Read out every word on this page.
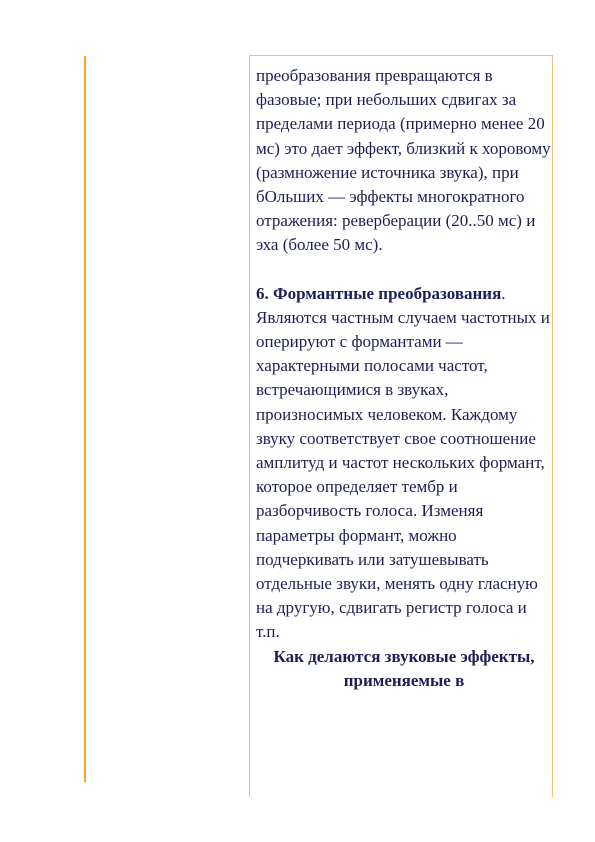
преобразования превращаются в фазовые; при небольших сдвигах за пределами периода (примерно менее 20 мс) это дает эффект, близкий к хоровому (размножение источника звука), при бОльших — эффекты многократного отражения: реверберации (20..50 мс) и эха (более 50 мс).

6. Формантные преобразования. Являются частным случаем частотных и оперируют с формантами — характерными полосами частот, встречающимися в звуках, произносимых человеком. Каждому звуку соответствует свое соотношение амплитуд и частот нескольких формант, которое определяет тембр и разборчивость голоса. Изменяя параметры формант, можно подчеркивать или затушевывать отдельные звуки, менять одну гласную на другую, сдвигать регистр голоса и т.п.

Как делаются звуковые эффекты, применяемые в
